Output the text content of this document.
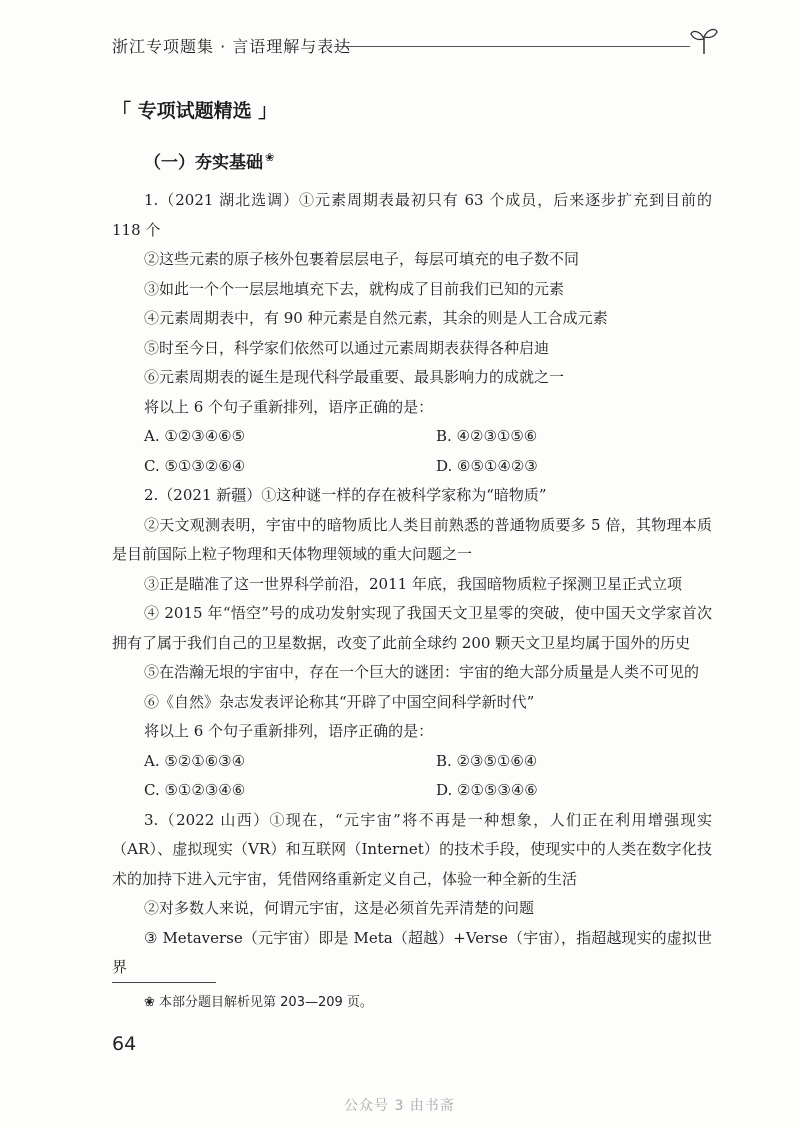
浙江专项题集 · 言语理解与表达
「 专项试题精选 」
（一）夯实基础 ❀

1.（2021 湖北选调）①元素周期表最初只有 63 个成员，后来逐步扩充到目前的 118 个

②这些元素的原子核外包裹着层层电子，每层可填充的电子数不同

③如此一个个一层层地填充下去，就构成了目前我们已知的元素

④元素周期表中，有 90 种元素是自然元素，其余的则是人工合成元素

⑤时至今日，科学家们依然可以通过元素周期表获得各种启迪

⑥元素周期表的诞生是现代科学最重要、最具影响力的成就之一

将以上 6 个句子重新排列，语序正确的是：

A. ①②③④⑥⑤	B. ④②③①⑤⑥
C. ⑤①③②⑥④	D. ⑥⑤①④②③

2.（2021 新疆）①这种谜一样的存在被科学家称为“暗物质”

②天文观测表明，宇宙中的暗物质比人类目前熟悉的普通物质要多 5 倍，其物理本质是目前国际上粒子物理和天体物理领域的重大问题之一

③正是瞄准了这一世界科学前沿，2011 年底，我国暗物质粒子探测卫星正式立项

④ 2015 年“悟空”号的成功发射实现了我国天文卫星零的突破，使中国天文学家首次拥有了属于我们自己的卫星数据，改变了此前全球约 200 颗天文卫星均属于国外的历史

⑤在浩瀚无垠的宇宙中，存在一个巨大的谜团：宇宙的绝大部分质量是人类不可见的

⑥《自然》杂志发表评论称其“开辟了中国空间科学新时代”

将以上 6 个句子重新排列，语序正确的是：

A. ⑤②①⑥③④	B. ②③⑤①⑥④
C. ⑤①②③④⑥	D. ②①⑤③④⑥

3.（2022 山西）①现在，“元宇宙”将不再是一种想象，人们正在利用增强现实（AR）、虚拟现实（VR）和互联网（Internet）的技术手段，使现实中的人类在数字化技术的加持下进入元宇宙，凭借网络重新定义自己，体验一种全新的生活

②对多数人来说，何谓元宇宙，这是必须首先弄清楚的问题

③ Metaverse（元宇宙）即是 Meta（超越）+Verse（宇宙），指超越现实的虚拟世界

❀ 本部分题目解析见第 203—209 页。
64
公众号 3 由书斋
